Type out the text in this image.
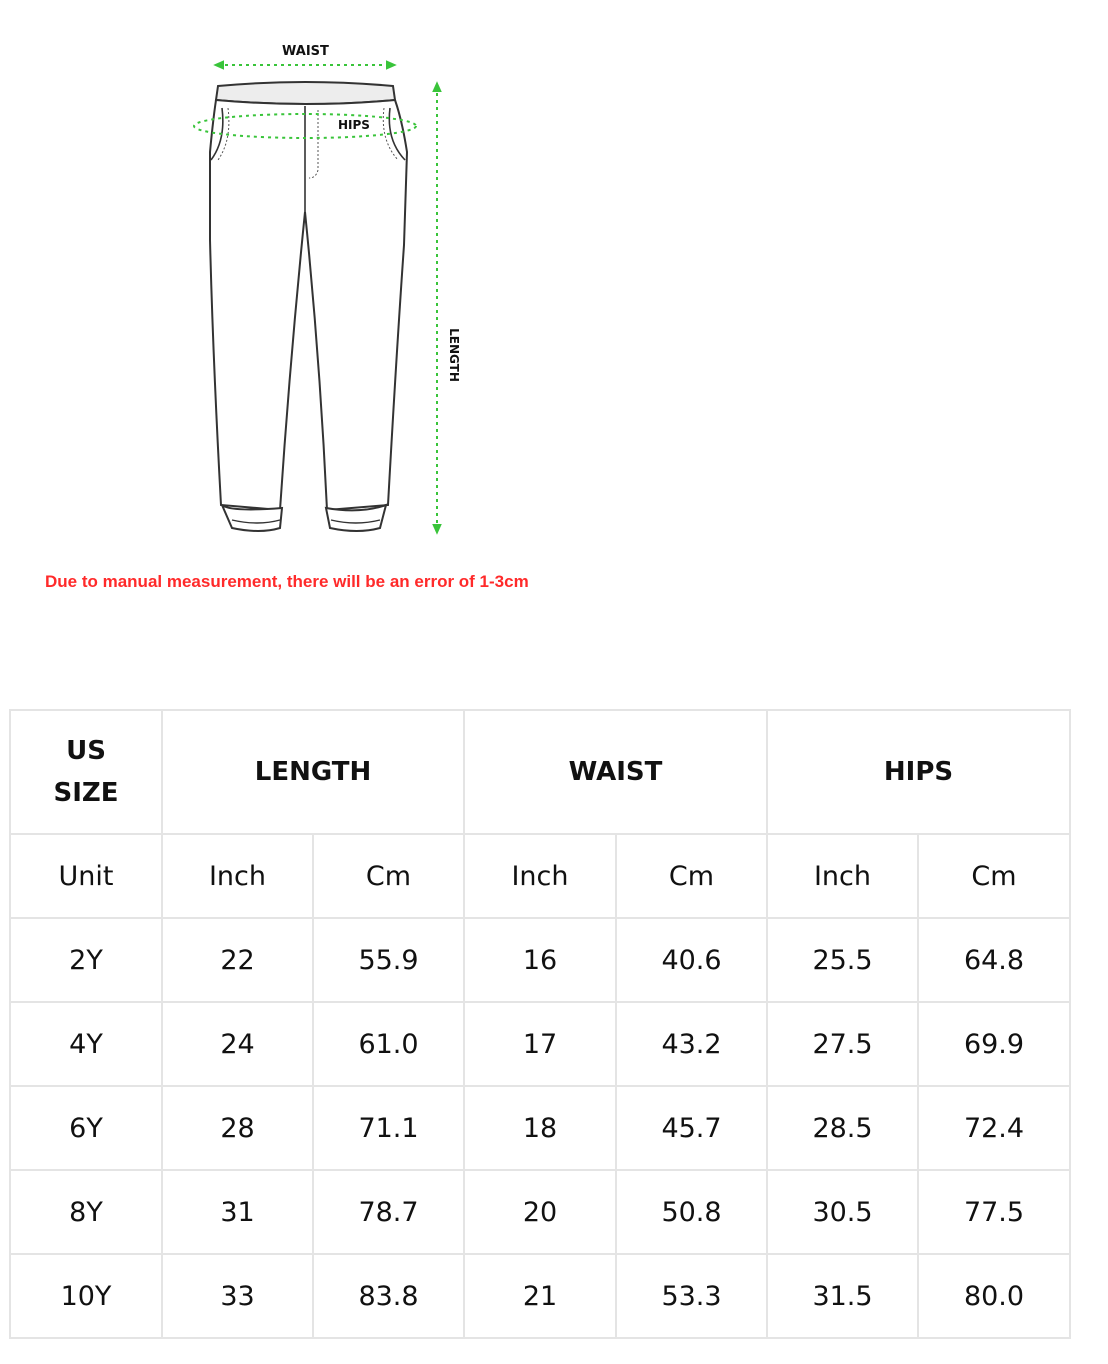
WAIST
HIPS
LENGTH
Due to manual measurement, there will be an error of 1-3cm
US
SIZE	LENGTH		WAIST		HIPS	
Unit	Inch	Cm	Inch	Cm	Inch	Cm
2Y	22	55.9	16	40.6	25.5	64.8
4Y	24	61.0	17	43.2	27.5	69.9
6Y	28	71.1	18	45.7	28.5	72.4
8Y	31	78.7	20	50.8	30.5	77.5
10Y	33	83.8	21	53.3	31.5	80.0
